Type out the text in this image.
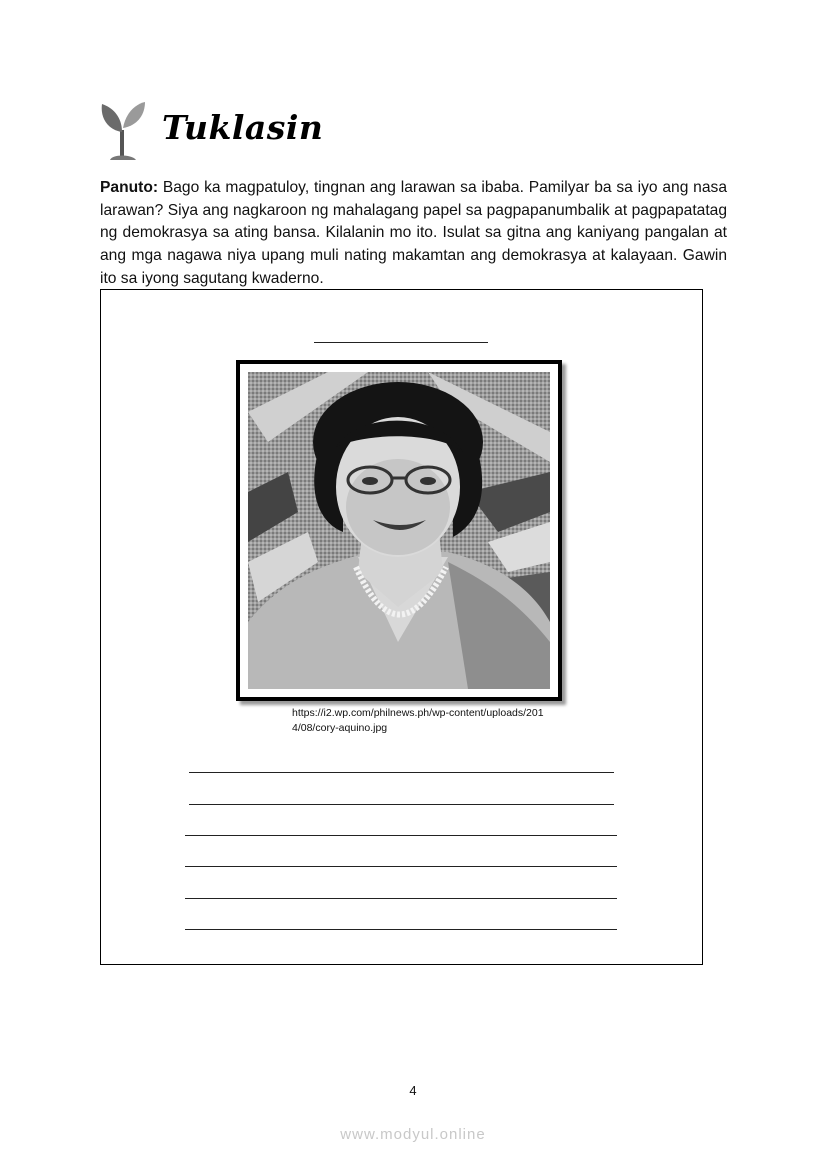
Tuklasin

Panuto: Bago ka magpatuloy, tingnan ang larawan sa ibaba. Pamilyar ba sa iyo ang nasa larawan? Siya ang nagkaroon ng mahalagang papel sa pagpapanumbalik at pagpapatatag ng demokrasya sa ating bansa. Kilalanin mo ito. Isulat sa gitna ang kaniyang pangalan at ang mga nagawa niya upang muli nating makamtan ang demokrasya at kalayaan. Gawin ito sa iyong sagutang kwaderno.

https://i2.wp.com/philnews.ph/wp-content/uploads/2014/08/cory-aquino.jpg

4
www.modyul.online
